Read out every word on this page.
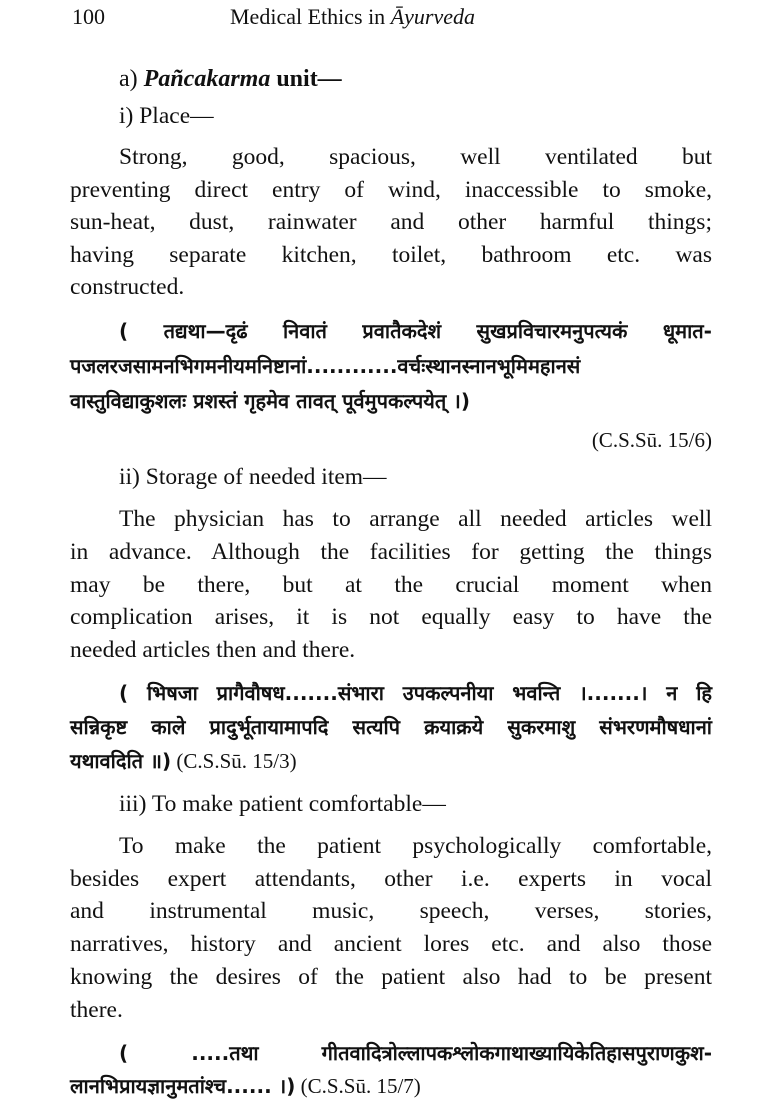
100	Medical Ethics in Āyurveda
a) Pañcakarma unit—
i) Place—
Strong, good, spacious, well ventilated but
preventing direct entry of wind, inaccessible to smoke,
sun-heat, dust, rainwater and other harmful things;
having separate kitchen, toilet, bathroom etc. was
constructed.
( तद्यथा—दृढं निवातं प्रवातैकदेशं सुखप्रविचारमनुपत्यकं धूमात-
पजलरजसामनभिगमनीयमनिष्टानां............वर्चःस्थानस्नानभूमिमहानसं
वास्तुविद्याकुशलः प्रशस्तं गृहमेव तावत् पूर्वमुपकल्पयेत् ।)
(C.S.Sū. 15/6)
ii) Storage of needed item—
The physician has to arrange all needed articles well
in advance. Although the facilities for getting the things
may be there, but at the crucial moment when
complication arises, it is not equally easy to have the
needed articles then and there.
( भिषजा प्रागैवौषध.......संभारा उपकल्पनीया भवन्ति ।.......। न हि
सन्निकृष्ट काले प्रादुर्भूतायामापदि सत्यपि क्रयाक्रये सुकरमाशु संभरणमौषधानां
यथावदिति ॥) (C.S.Sū. 15/3)
iii) To make patient comfortable—
To make the patient psychologically comfortable,
besides expert attendants, other i.e. experts in vocal
and instrumental music, speech, verses, stories,
narratives, history and ancient lores etc. and also those
knowing the desires of the patient also had to be present
there.
( .....तथा गीतवादित्रोल्लापकश्लोकगाथाख्यायिकेतिहासपुराणकुश-
लानभिप्रायज्ञानुमतांश्च...... ।) (C.S.Sū. 15/7)
